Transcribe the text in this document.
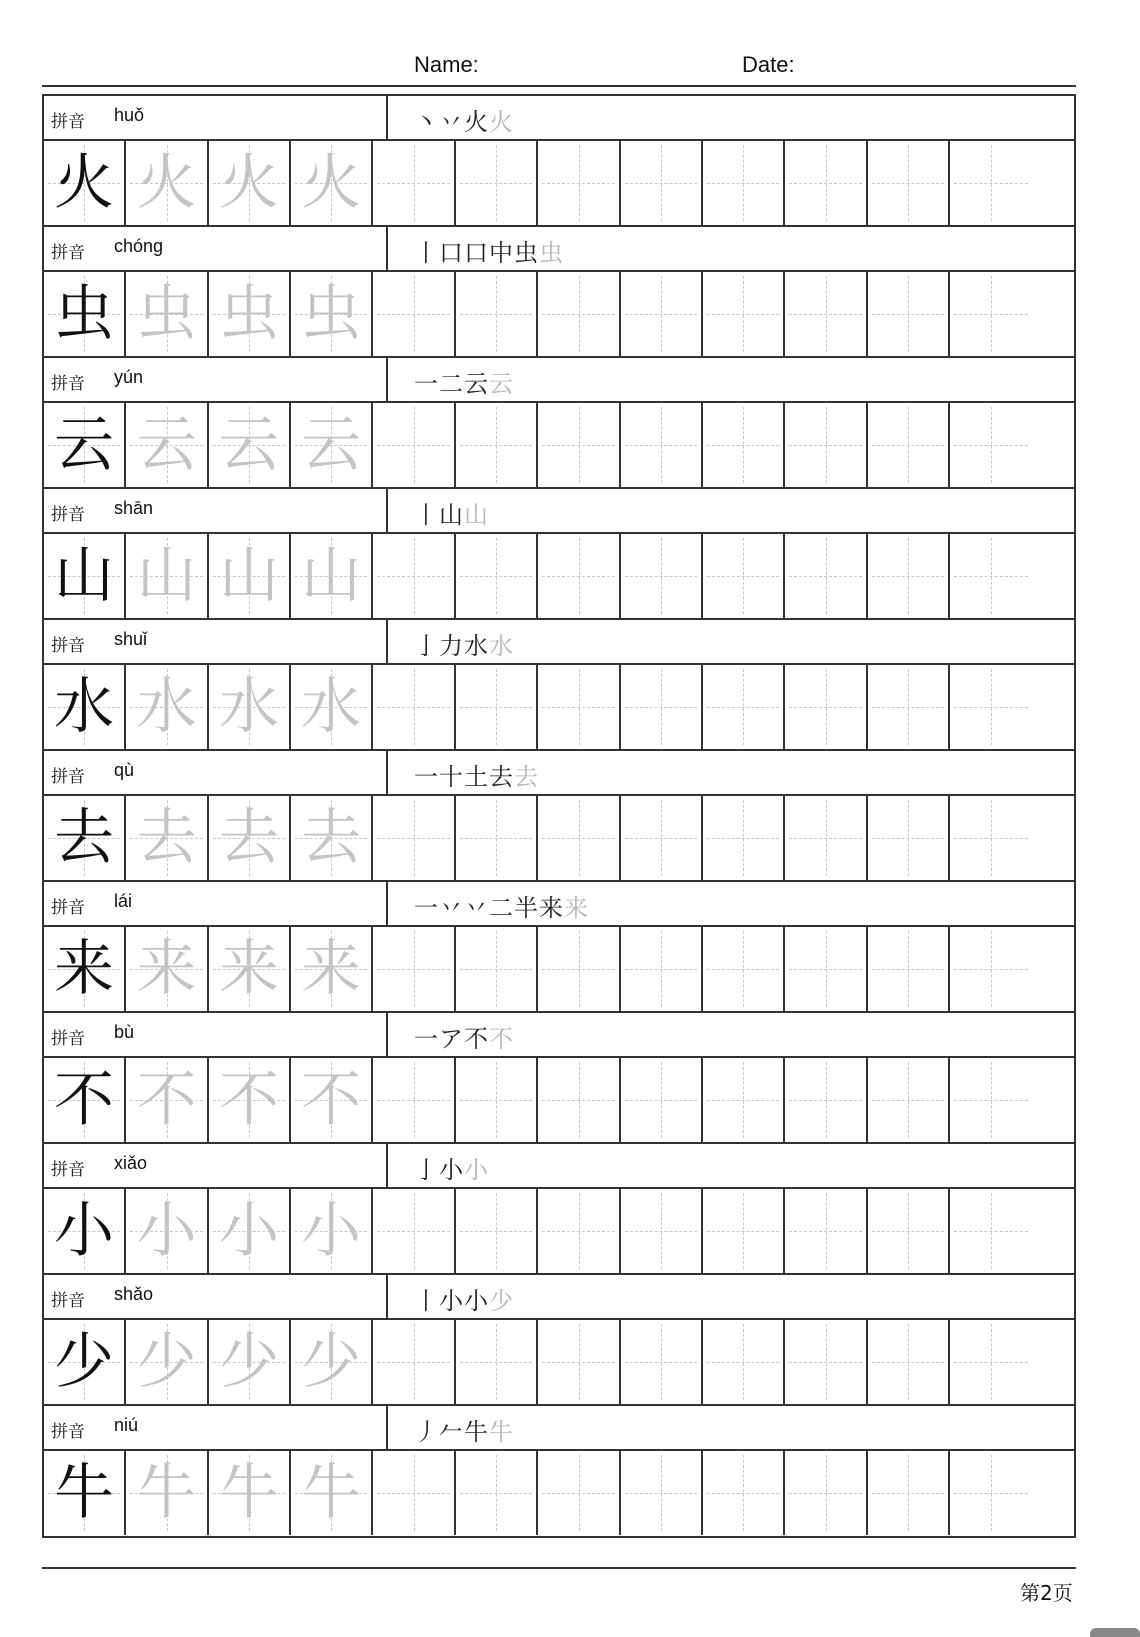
Name:	Date:
拼音 huǒ	丶丷火火
火 火 火 火
拼音 chóng	丨口口中虫虫
虫 虫 虫 虫
拼音 yún	一二云云
云 云 云 云
拼音 shān	丨山山
山 山 山 山
拼音 shuǐ	亅力水水
水 水 水 水
拼音 qù	一十土去去
去 去 去 去
拼音 lái	一丷丷二半来来
来 来 来 来
拼音 bù	一ア不不
不 不 不 不
拼音 xiǎo	亅小小
小 小 小 小
拼音 shǎo	丨小小少
少 少 少 少
拼音 niú	丿𠂉牛牛
牛 牛 牛 牛
第2页
